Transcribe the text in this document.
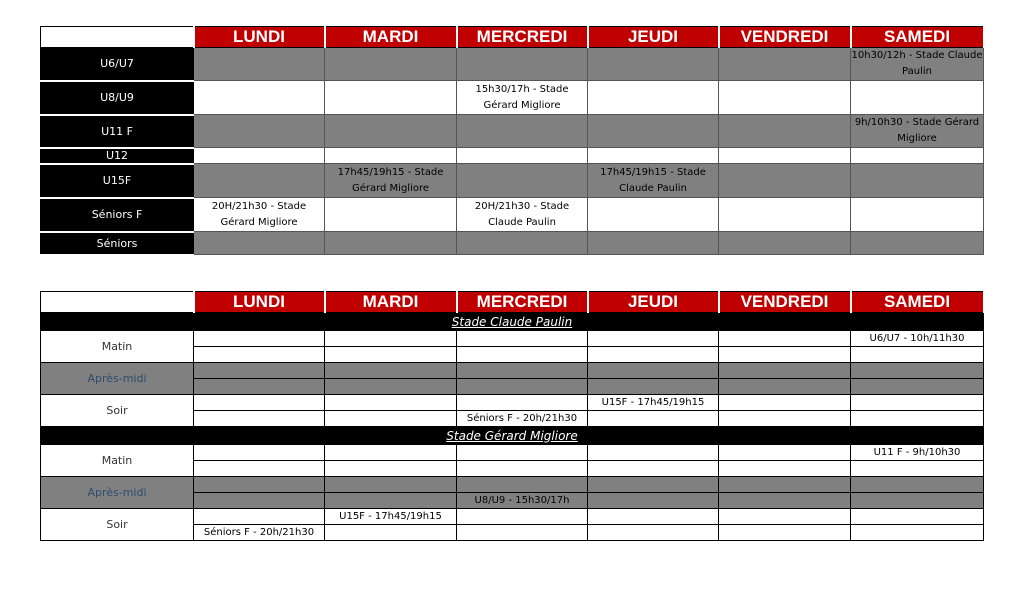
	LUNDI	MARDI	MERCREDI	JEUDI	VENDREDI	SAMEDI
U6/U7						10h30/12h - Stade Claude Paulin
U8/U9			15h30/17h - Stade Gérard Migliore			
U11 F						9h/10h30 - Stade Gérard Migliore
U12						
U15F		17h45/19h15 - Stade Gérard Migliore		17h45/19h15 - Stade Claude Paulin		
Séniors F	20H/21h30 - Stade Gérard Migliore		20H/21h30 - Stade Claude Paulin			
Séniors						
	LUNDI	MARDI	MERCREDI	JEUDI	VENDREDI	SAMEDI
Stade Claude Paulin						
Matin						U6/U7 - 10h/11h30

Après-midi						

Soir				U15F - 17h45/19h15		
			Séniors F - 20h/21h30			
Stade Gérard Migliore						
Matin						U11 F - 9h/10h30

Après-midi						
			U8/U9 - 15h30/17h			
Soir		U15F - 17h45/19h15				
	Séniors F - 20h/21h30					
